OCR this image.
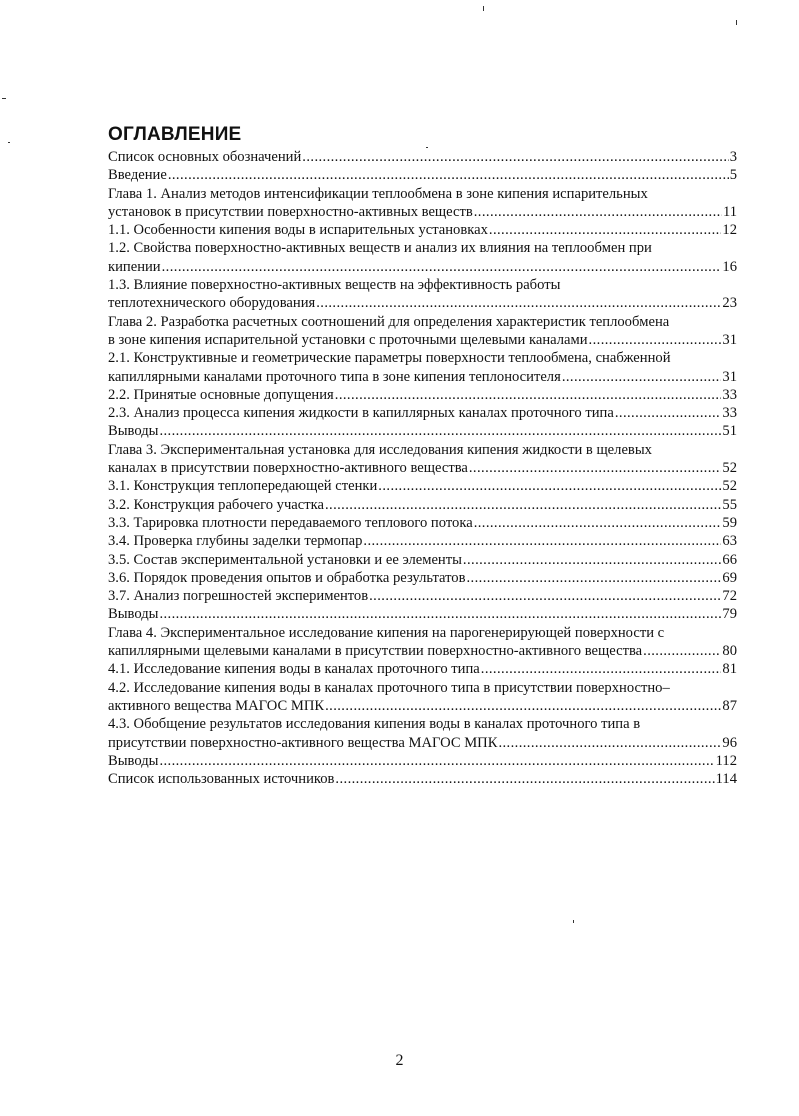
ОГЛАВЛЕНИЕ
Список основных обозначений .....	3
Введение .....	5
Глава 1. Анализ методов интенсификации теплообмена в зоне кипения испарительных
установок в присутствии поверхностно-активных веществ .....	11
1.1. Особенности кипения воды в испарительных установках .....	12
1.2. Свойства поверхностно-активных веществ и анализ их влияния на теплообмен при
кипении .....	16
1.3. Влияние поверхностно-активных веществ на эффективность работы
теплотехнического оборудования .....	23
Глава 2. Разработка расчетных соотношений для определения характеристик теплообмена
в зоне кипения испарительной установки с проточными щелевыми каналами .....	31
2.1. Конструктивные и геометрические параметры поверхности теплообмена, снабженной
капиллярными каналами проточного типа в зоне кипения теплоносителя .....	31
2.2. Принятые основные допущения .....	33
2.3. Анализ процесса кипения жидкости в капиллярных каналах проточного типа .....	33
Выводы .....	51
Глава 3. Экспериментальная установка для исследования кипения жидкости в щелевых
каналах в присутствии поверхностно-активного вещества .....	52
3.1. Конструкция теплопередающей стенки .....	52
3.2. Конструкция рабочего участка .....	55
3.3. Тарировка плотности передаваемого теплового потока .....	59
3.4. Проверка глубины заделки термопар .....	63
3.5. Состав экспериментальной установки и ее элементы .....	66
3.6. Порядок проведения опытов и обработка результатов .....	69
3.7. Анализ погрешностей экспериментов .....	72
Выводы .....	79
Глава 4. Экспериментальное исследование кипения на парогенерирующей поверхности с
капиллярными щелевыми каналами в присутствии поверхностно-активного вещества .....	80
4.1. Исследование кипения воды в каналах проточного типа .....	81
4.2. Исследование кипения воды в каналах проточного типа в присутствии поверхностно–
активного вещества МАГОС МПК .....	87
4.3. Обобщение результатов исследования кипения воды в каналах проточного типа в
присутствии поверхностно-активного вещества МАГОС МПК .....	96
Выводы .....	112
Список использованных источников .....	114
2
